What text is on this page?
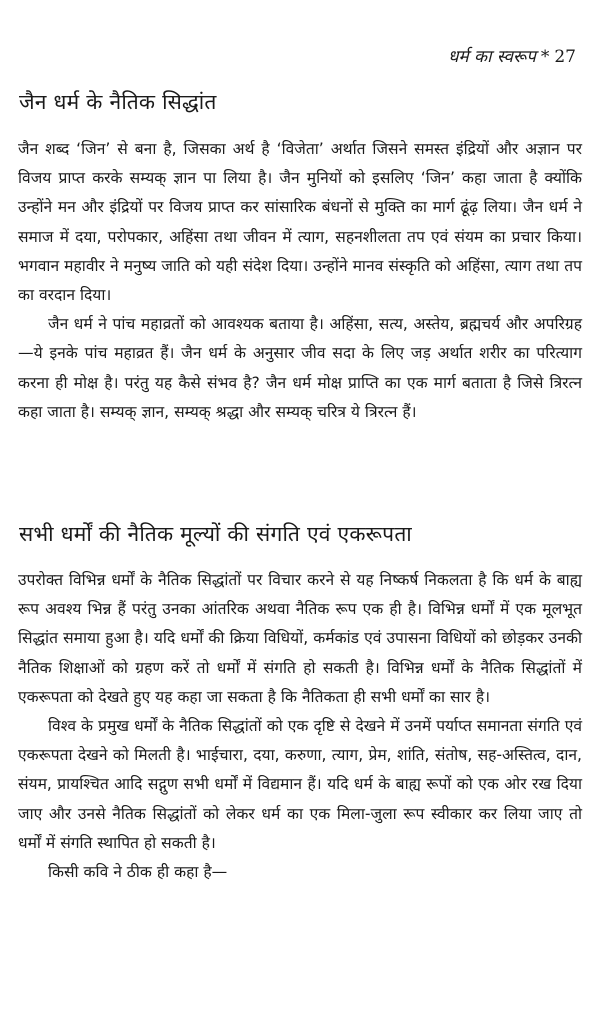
धर्म का स्वरूप * 27
जैन धर्म के नैतिक सिद्धांत

जैन शब्द ‘जिन’ से बना है, जिसका अर्थ है ‘विजेता’ अर्थात जिसने समस्त इंद्रियों और अज्ञान पर विजय प्राप्त करके सम्यक् ज्ञान पा लिया है। जैन मुनियों को इसलिए ‘जिन’ कहा जाता है क्योंकि उन्होंने मन और इंद्रियों पर विजय प्राप्त कर सांसारिक बंधनों से मुक्ति का मार्ग ढूंढ़ लिया। जैन धर्म ने समाज में दया, परोपकार, अहिंसा तथा जीवन में त्याग, सहनशीलता तप एवं संयम का प्रचार किया। भगवान महावीर ने मनुष्य जाति को यही संदेश दिया। उन्होंने मानव संस्कृति को अहिंसा, त्याग तथा तप का वरदान दिया।

जैन धर्म ने पांच महाव्रतों को आवश्यक बताया है। अहिंसा, सत्य, अस्तेय, ब्रह्मचर्य और अपरिग्रह—ये इनके पांच महाव्रत हैं। जैन धर्म के अनुसार जीव सदा के लिए जड़ अर्थात शरीर का परित्याग करना ही मोक्ष है। परंतु यह कैसे संभव है? जैन धर्म मोक्ष प्राप्ति का एक मार्ग बताता है जिसे त्रिरत्न कहा जाता है। सम्यक् ज्ञान, सम्यक् श्रद्धा और सम्यक् चरित्र ये त्रिरत्न हैं।

सभी धर्मों की नैतिक मूल्यों की संगति एवं एकरूपता

उपरोक्त विभिन्न धर्मों के नैतिक सिद्धांतों पर विचार करने से यह निष्कर्ष निकलता है कि धर्म के बाह्य रूप अवश्य भिन्न हैं परंतु उनका आंतरिक अथवा नैतिक रूप एक ही है। विभिन्न धर्मों में एक मूलभूत सिद्धांत समाया हुआ है। यदि धर्मों की क्रिया विधियों, कर्मकांड एवं उपासना विधियों को छोड़कर उनकी नैतिक शिक्षाओं को ग्रहण करें तो धर्मों में संगति हो सकती है। विभिन्न धर्मों के नैतिक सिद्धांतों में एकरूपता को देखते हुए यह कहा जा सकता है कि नैतिकता ही सभी धर्मों का सार है।

विश्व के प्रमुख धर्मों के नैतिक सिद्धांतों को एक दृष्टि से देखने में उनमें पर्याप्त समानता संगति एवं एकरूपता देखने को मिलती है। भाईचारा, दया, करुणा, त्याग, प्रेम, शांति, संतोष, सह-अस्तित्व, दान, संयम, प्रायश्चित आदि सद्गुण सभी धर्मों में विद्यमान हैं। यदि धर्म के बाह्य रूपों को एक ओर रख दिया जाए और उनसे नैतिक सिद्धांतों को लेकर धर्म का एक मिला-जुला रूप स्वीकार कर लिया जाए तो धर्मों में संगति स्थापित हो सकती है।

किसी कवि ने ठीक ही कहा है—
